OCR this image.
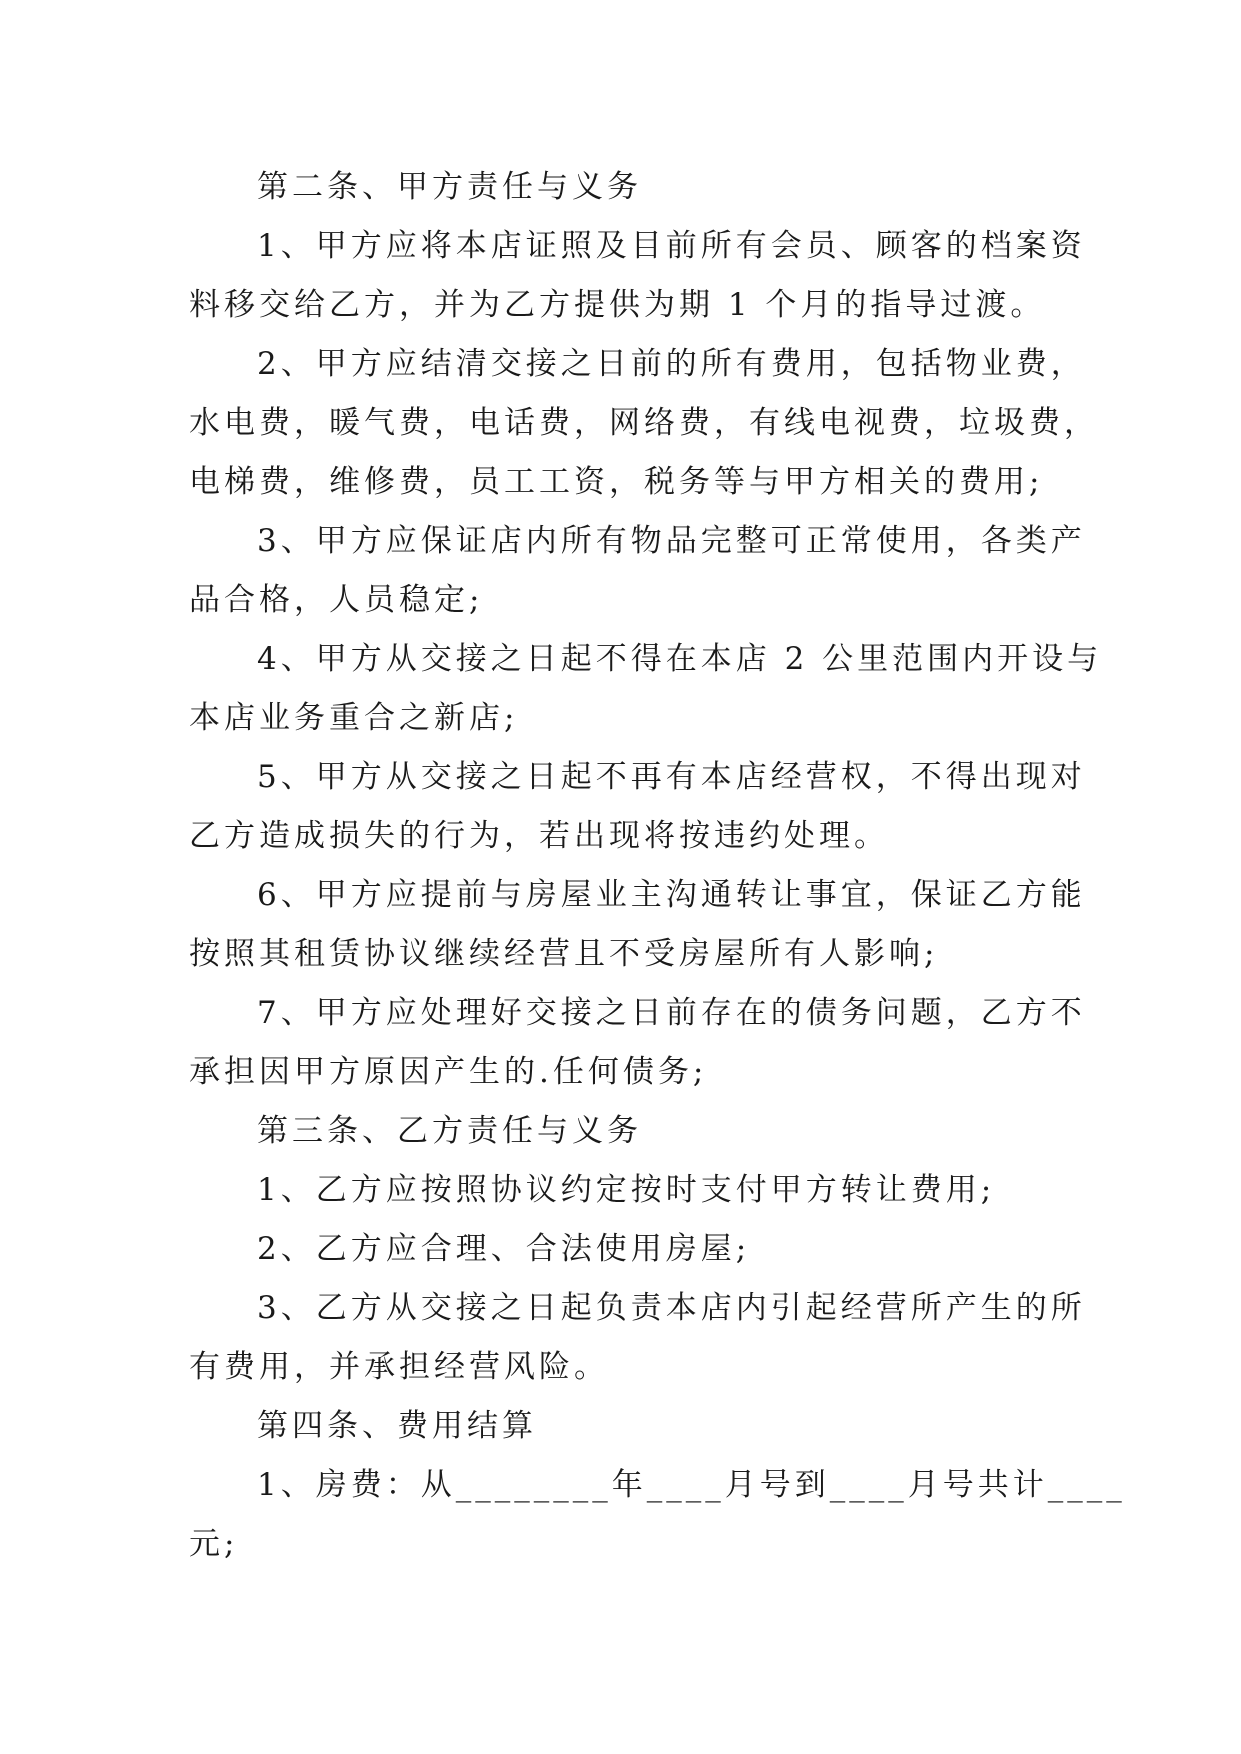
第二条、甲方责任与义务
1、甲方应将本店证照及目前所有会员、顾客的档案资
料移交给乙方，并为乙方提供为期 1 个月的指导过渡。
2、甲方应结清交接之日前的所有费用，包括物业费，
水电费，暖气费，电话费，网络费，有线电视费，垃圾费，
电梯费，维修费，员工工资，税务等与甲方相关的费用;
3、甲方应保证店内所有物品完整可正常使用，各类产
品合格，人员稳定;
4、甲方从交接之日起不得在本店 2 公里范围内开设与
本店业务重合之新店;
5、甲方从交接之日起不再有本店经营权，不得出现对
乙方造成损失的行为，若出现将按违约处理。
6、甲方应提前与房屋业主沟通转让事宜，保证乙方能
按照其租赁协议继续经营且不受房屋所有人影响;
7、甲方应处理好交接之日前存在的债务问题，乙方不
承担因甲方原因产生的.任何债务;
第三条、乙方责任与义务
1、乙方应按照协议约定按时支付甲方转让费用;
2、乙方应合理、合法使用房屋;
3、乙方从交接之日起负责本店内引起经营所产生的所
有费用，并承担经营风险。
第四条、费用结算
1、房费：从________年____月号到____月号共计____
元;
